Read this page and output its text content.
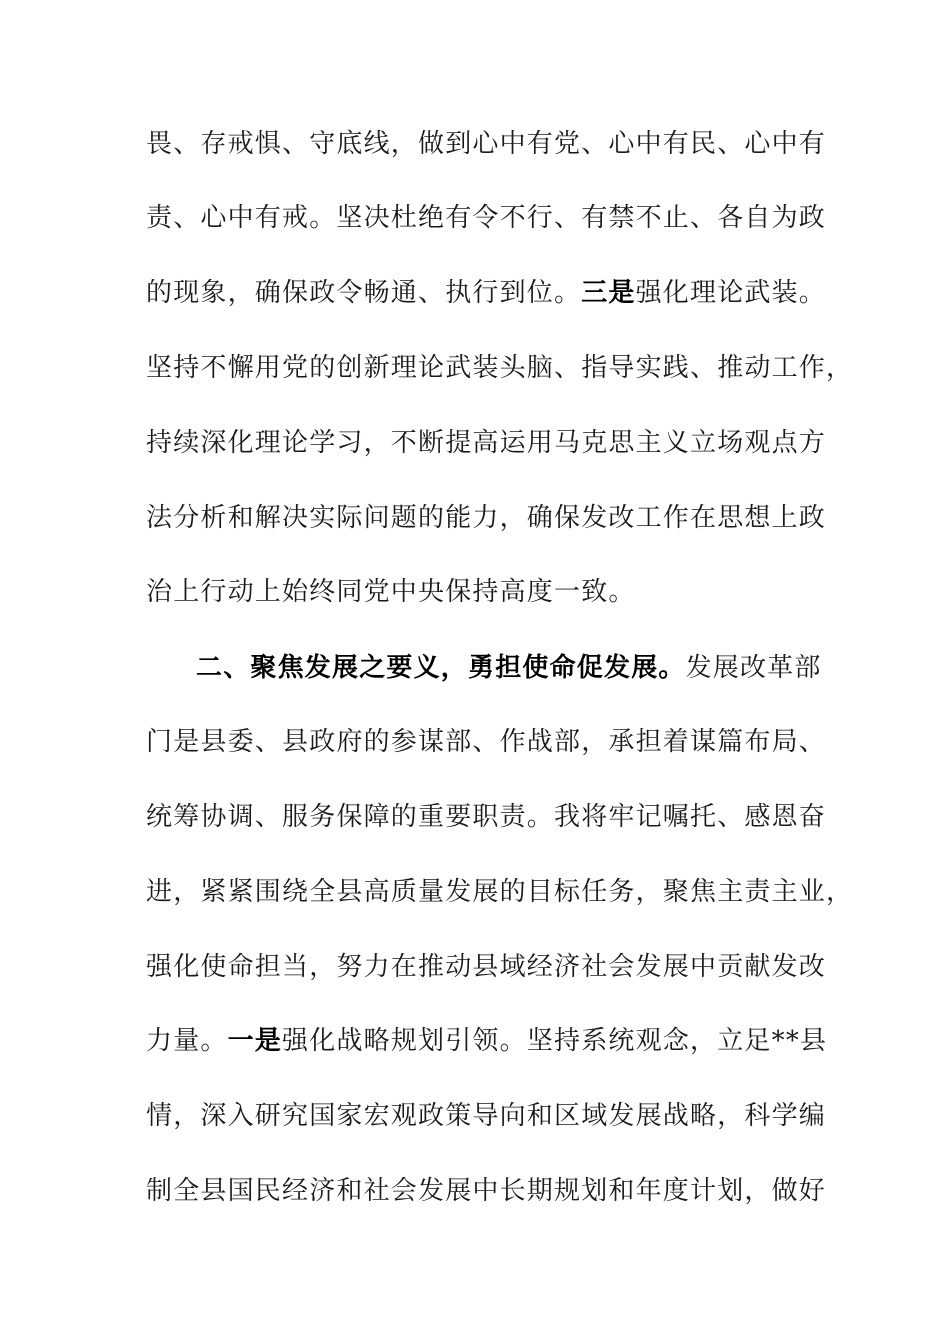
畏、存戒惧、守底线，做到心中有党、心中有民、心中有
责、心中有戒。坚决杜绝有令不行、有禁不止、各自为政
的现象，确保政令畅通、执行到位。三是强化理论武装。
坚持不懈用党的创新理论武装头脑、指导实践、推动工作，
持续深化理论学习，不断提高运用马克思主义立场观点方
法分析和解决实际问题的能力，确保发改工作在思想上政
治上行动上始终同党中央保持高度一致。
二、聚焦发展之要义，勇担使命促发展。发展改革部
门是县委、县政府的参谋部、作战部，承担着谋篇布局、
统筹协调、服务保障的重要职责。我将牢记嘱托、感恩奋
进，紧紧围绕全县高质量发展的目标任务，聚焦主责主业，
强化使命担当，努力在推动县域经济社会发展中贡献发改
力量。一是强化战略规划引领。坚持系统观念，立足**县
情，深入研究国家宏观政策导向和区域发展战略，科学编
制全县国民经济和社会发展中长期规划和年度计划，做好
